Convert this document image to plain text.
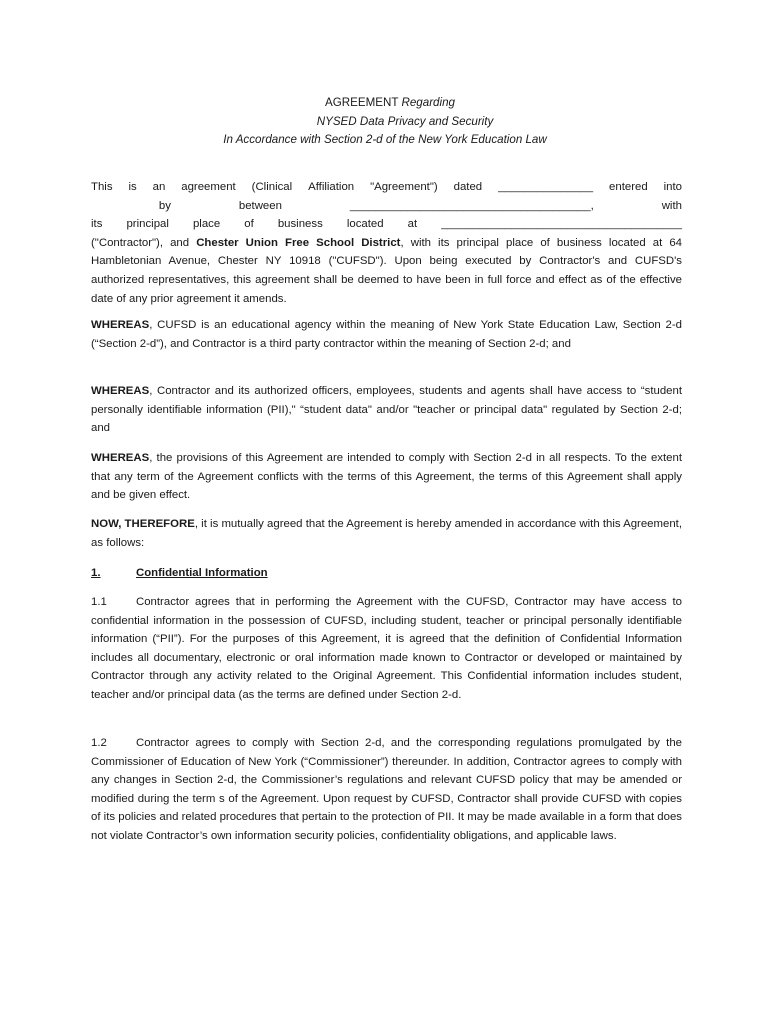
AGREEMENT Regarding
NYSED Data Privacy and Security
In Accordance with Section 2-d of the New York Education Law
This is an agreement (Clinical Affiliation "Agreement") dated _______________ entered into
by	between	______________________________________,	with
its principal place of business located at ______________________________________

("Contractor"), and Chester Union Free School District, with its principal place of business located at 64 Hambletonian Avenue, Chester NY 10918 ("CUFSD"). Upon being executed by Contractor's and CUFSD's authorized representatives, this agreement shall be deemed to have been in full force and effect as of the effective date of any prior agreement it amends.

WHEREAS, CUFSD is an educational agency within the meaning of New York State Education Law, Section 2-d (“Section 2-d”), and Contractor is a third party contractor within the meaning of Section 2-d; and

WHEREAS, Contractor and its authorized officers, employees, students and agents shall have access to “student personally identifiable information (PII)," “student data" and/or "teacher or principal data" regulated by Section 2-d; and

WHEREAS, the provisions of this Agreement are intended to comply with Section 2-d in all respects. To the extent that any term of the Agreement conflicts with the terms of this Agreement, the terms of this Agreement shall apply and be given effect.

NOW, THEREFORE, it is mutually agreed that the Agreement is hereby amended in accordance with this Agreement, as follows:

1.	Confidential Information

1.1	Contractor agrees that in performing the Agreement with the CUFSD, Contractor may have access to confidential information in the possession of CUFSD, including student, teacher or principal personally identifiable information (“PII”). For the purposes of this Agreement, it is agreed that the definition of Confidential Information includes all documentary, electronic or oral information made known to Contractor or developed or maintained by Contractor through any activity related to the Original Agreement. This Confidential information includes student, teacher and/or principal data (as the terms are defined under Section 2-d.

1.2	Contractor agrees to comply with Section 2-d, and the corresponding regulations promulgated by the Commissioner of Education of New York (“Commissioner”) thereunder. In addition, Contractor agrees to comply with any changes in Section 2-d, the Commissioner’s regulations and relevant CUFSD policy that may be amended or modified during the term s of the Agreement. Upon request by CUFSD, Contractor shall provide CUFSD with copies of its policies and related procedures that pertain to the protection of PII. It may be made available in a form that does not violate Contractor’s own information security policies, confidentiality obligations, and applicable laws.
